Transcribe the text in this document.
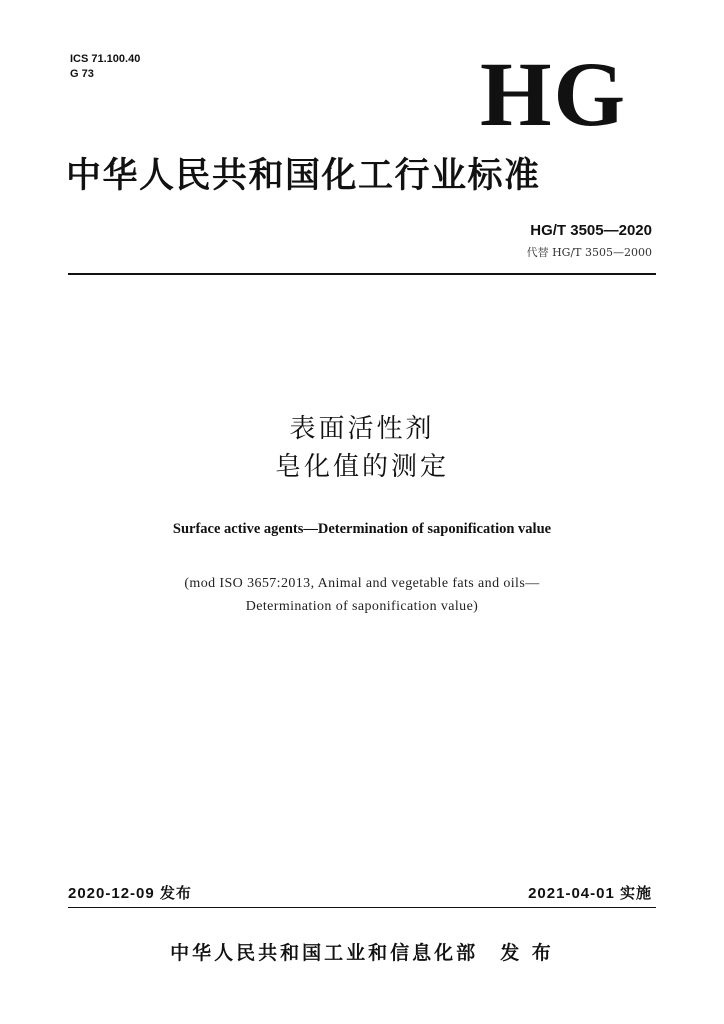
ICS 71.100.40
G 73	HG
中华人民共和国化工行业标准
HG/T 3505—2020
代替 HG/T 3505—2000
表面活性剂
皂化值的测定
Surface active agents—Determination of saponification value
(mod ISO 3657:2013, Animal and vegetable fats and oils—
Determination of saponification value)
2020-12-09 发布	2021-04-01 实施
中华人民共和国工业和信息化部 发 布
